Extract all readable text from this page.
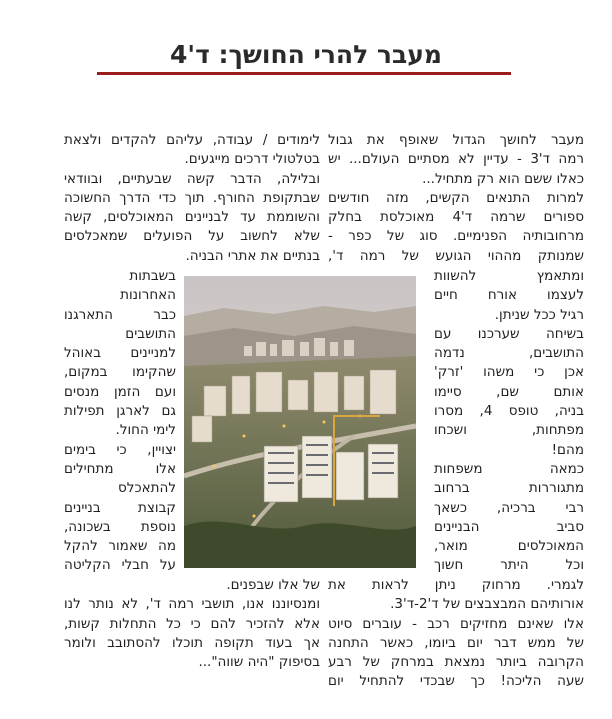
מעבר להרי החושך: ד'4
מעבר לחושך הגדול שאופף את גבול
רמה ד'3 - עדיין לא מסתיים העולם... יש
כאלו ששם הוא רק מתחיל...
למרות התנאים הקשים, מזה חודשים
ספורים שרמה ד'4 מאוכלסת בחלק
מרחובותיה הפנימיים. סוג של כפר -
שמנותק מההוי הגועש של רמה ד',
ומתאמץ להשוות
לעצמו אורח חיים
רגיל ככל שניתן.
בשיחה שערכנו עם
התושבים, נדמה
אכן כי משהו 'זרק'
אותם שם, סיימו
בניה, טופס 4, מסרו
מפתחות, ושכחו
מהם!
כמאה משפחות
מתגוררות ברחוב
רבי ברכיה, כשאך
סביב הבניינים
המאוכלסים מואר,
וכל היתר חשוך
לגמרי. מרחוק ניתן לראות את
אורותיהם המבצבצים של ד'2-ד'3.
אלו שאינם מחזיקים רכב - עוברים סיוט
של ממש דבר יום ביומו, כאשר התחנה
הקרובה ביותר נמצאת במרחק של רבע
שעה הליכה! כך שבכדי להתחיל יום
לימודים / עבודה, עליהם להקדים ולצאת
בטלטולי דרכים מייגעים.
ובלילה, הדבר קשה שבעתיים, ובוודאי
שבתקופת החורף. תוך כדי הדרך החשוכה
והשוממת עד לבניינים המאוכלסים, קשה
שלא לחשוב על הפועלים שמאכלסים
בנתיים את אתרי הבניה.
בשבתות
האחרונות
כבר התארגנו
התושבים
למניינים באוהל
שהקימו במקום,
ועם הזמן מנסים
גם לארגן תפילות
לימי החול.
יצויין, כי בימים
אלו מתחילים
להתאכלס
קבוצת בניינים
נוספת בשכונה,
מה שאמור להקל
על חבלי הקליטה
של אלו שבפנים.
ומנסיוננו אנו, תושבי רמה ד', לא נותר לנו
אלא להזכיר להם כי כל התחלות קשות,
אך בעוד תקופה תוכלו להסתובב ולומר
בסיפוק "היה שווה"...
